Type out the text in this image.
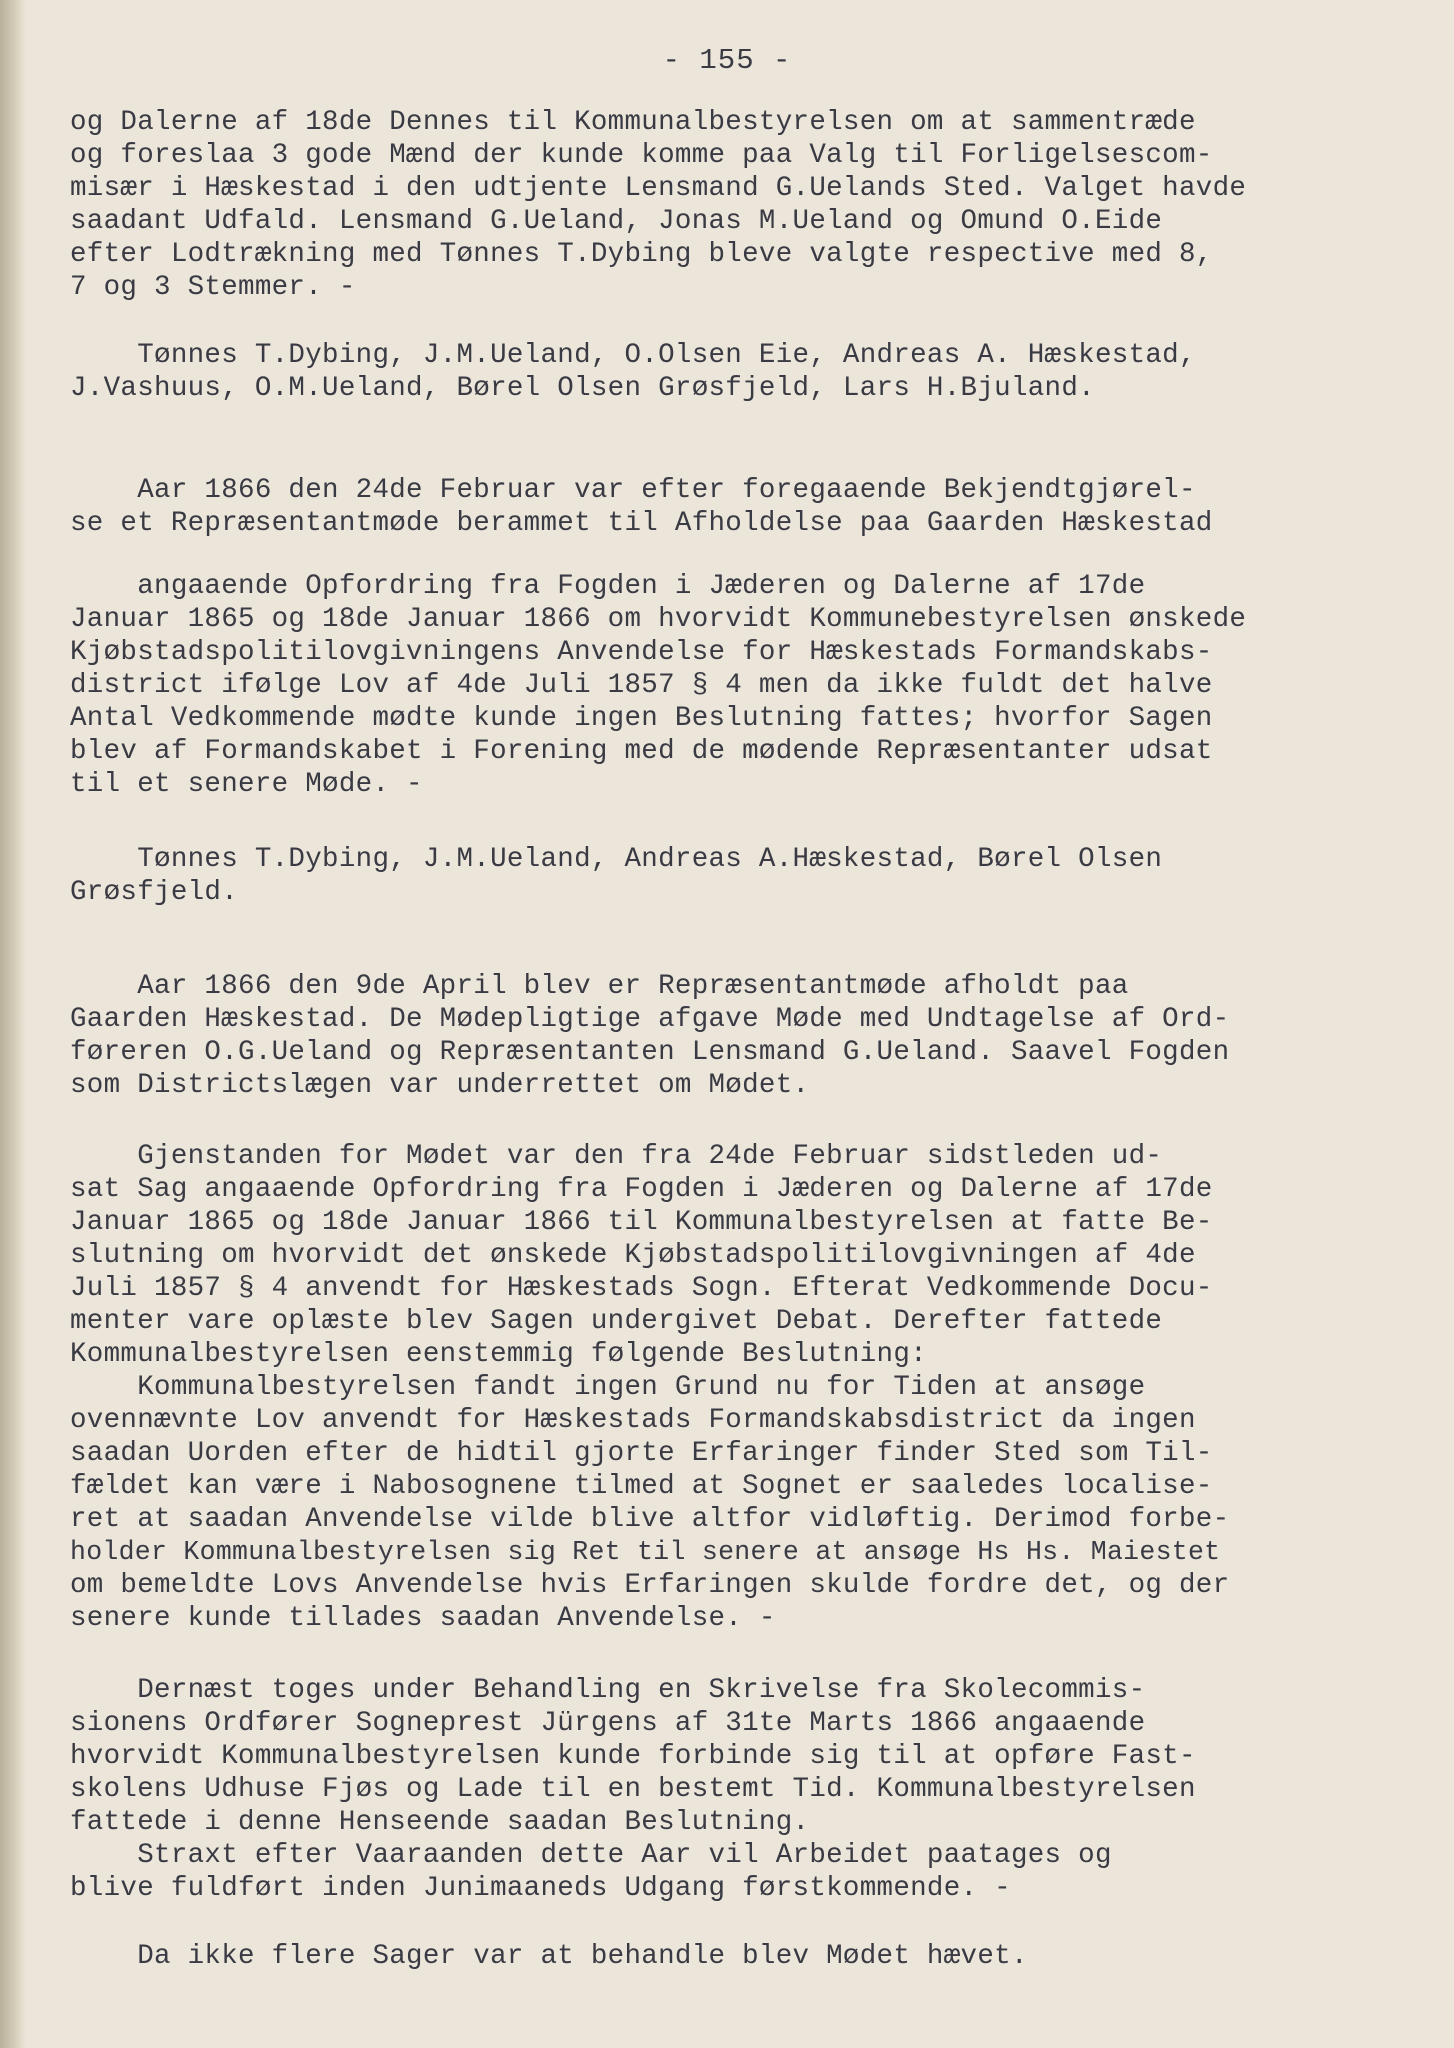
- 155 -
og Dalerne af 18de Dennes til Kommunalbestyrelsen om at sammentræde
og foreslaa 3 gode Mænd der kunde komme paa Valg til Forligelsescom-
misær i Hæskestad i den udtjente Lensmand G.Uelands Sted. Valget havde
saadant Udfald. Lensmand G.Ueland, Jonas M.Ueland og Omund O.Eide
efter Lodtrækning med Tønnes T.Dybing bleve valgte respective med 8,
7 og 3 Stemmer. -
Tønnes T.Dybing, J.M.Ueland, O.Olsen Eie, Andreas A. Hæskestad,
J.Vashuus, O.M.Ueland, Børel Olsen Grøsfjeld, Lars H.Bjuland.
Aar 1866 den 24de Februar var efter foregaaende Bekjendtgjørel-
se et Repræsentantmøde berammet til Afholdelse paa Gaarden Hæskestad
angaaende Opfordring fra Fogden i Jæderen og Dalerne af 17de
Januar 1865 og 18de Januar 1866 om hvorvidt Kommunebestyrelsen ønskede
Kjøbstadspolitilovgivningens Anvendelse for Hæskestads Formandskabs-
district ifølge Lov af 4de Juli 1857 § 4 men da ikke fuldt det halve
Antal Vedkommende mødte kunde ingen Beslutning fattes; hvorfor Sagen
blev af Formandskabet i Forening med de mødende Repræsentanter udsat
til et senere Møde. -
Tønnes T.Dybing, J.M.Ueland, Andreas A.Hæskestad, Børel Olsen
Grøsfjeld.
Aar 1866 den 9de April blev er Repræsentantmøde afholdt paa
Gaarden Hæskestad. De Mødepligtige afgave Møde med Undtagelse af Ord-
føreren O.G.Ueland og Repræsentanten Lensmand G.Ueland. Saavel Fogden
som Districtslægen var underrettet om Mødet.
Gjenstanden for Mødet var den fra 24de Februar sidstleden ud-
sat Sag angaaende Opfordring fra Fogden i Jæderen og Dalerne af 17de
Januar 1865 og 18de Januar 1866 til Kommunalbestyrelsen at fatte Be-
slutning om hvorvidt det ønskede Kjøbstadspolitilovgivningen af 4de
Juli 1857 § 4 anvendt for Hæskestads Sogn. Efterat Vedkommende Docu-
menter vare oplæste blev Sagen undergivet Debat. Derefter fattede
Kommunalbestyrelsen eenstemmig følgende Beslutning:
Kommunalbestyrelsen fandt ingen Grund nu for Tiden at ansøge
ovennævnte Lov anvendt for Hæskestads Formandskabsdistrict da ingen
saadan Uorden efter de hidtil gjorte Erfaringer finder Sted som Til-
fældet kan være i Nabosognene tilmed at Sognet er saaledes localise-
ret at saadan Anvendelse vilde blive altfor vidløftig. Derimod forbe-
holder Kommunalbestyrelsen sig Ret til senere at ansøge Hs Hs. Maiestet
om bemeldte Lovs Anvendelse hvis Erfaringen skulde fordre det, og der
senere kunde tillades saadan Anvendelse. -
Dernæst toges under Behandling en Skrivelse fra Skolecommis-
sionens Ordfører Sogneprest Jürgens af 31te Marts 1866 angaaende
hvorvidt Kommunalbestyrelsen kunde forbinde sig til at opføre Fast-
skolens Udhuse Fjøs og Lade til en bestemt Tid. Kommunalbestyrelsen
fattede i denne Henseende saadan Beslutning.
Straxt efter Vaaraanden dette Aar vil Arbeidet paatages og
blive fuldført inden Junimaaneds Udgang førstkommende. -
Da ikke flere Sager var at behandle blev Mødet hævet.
